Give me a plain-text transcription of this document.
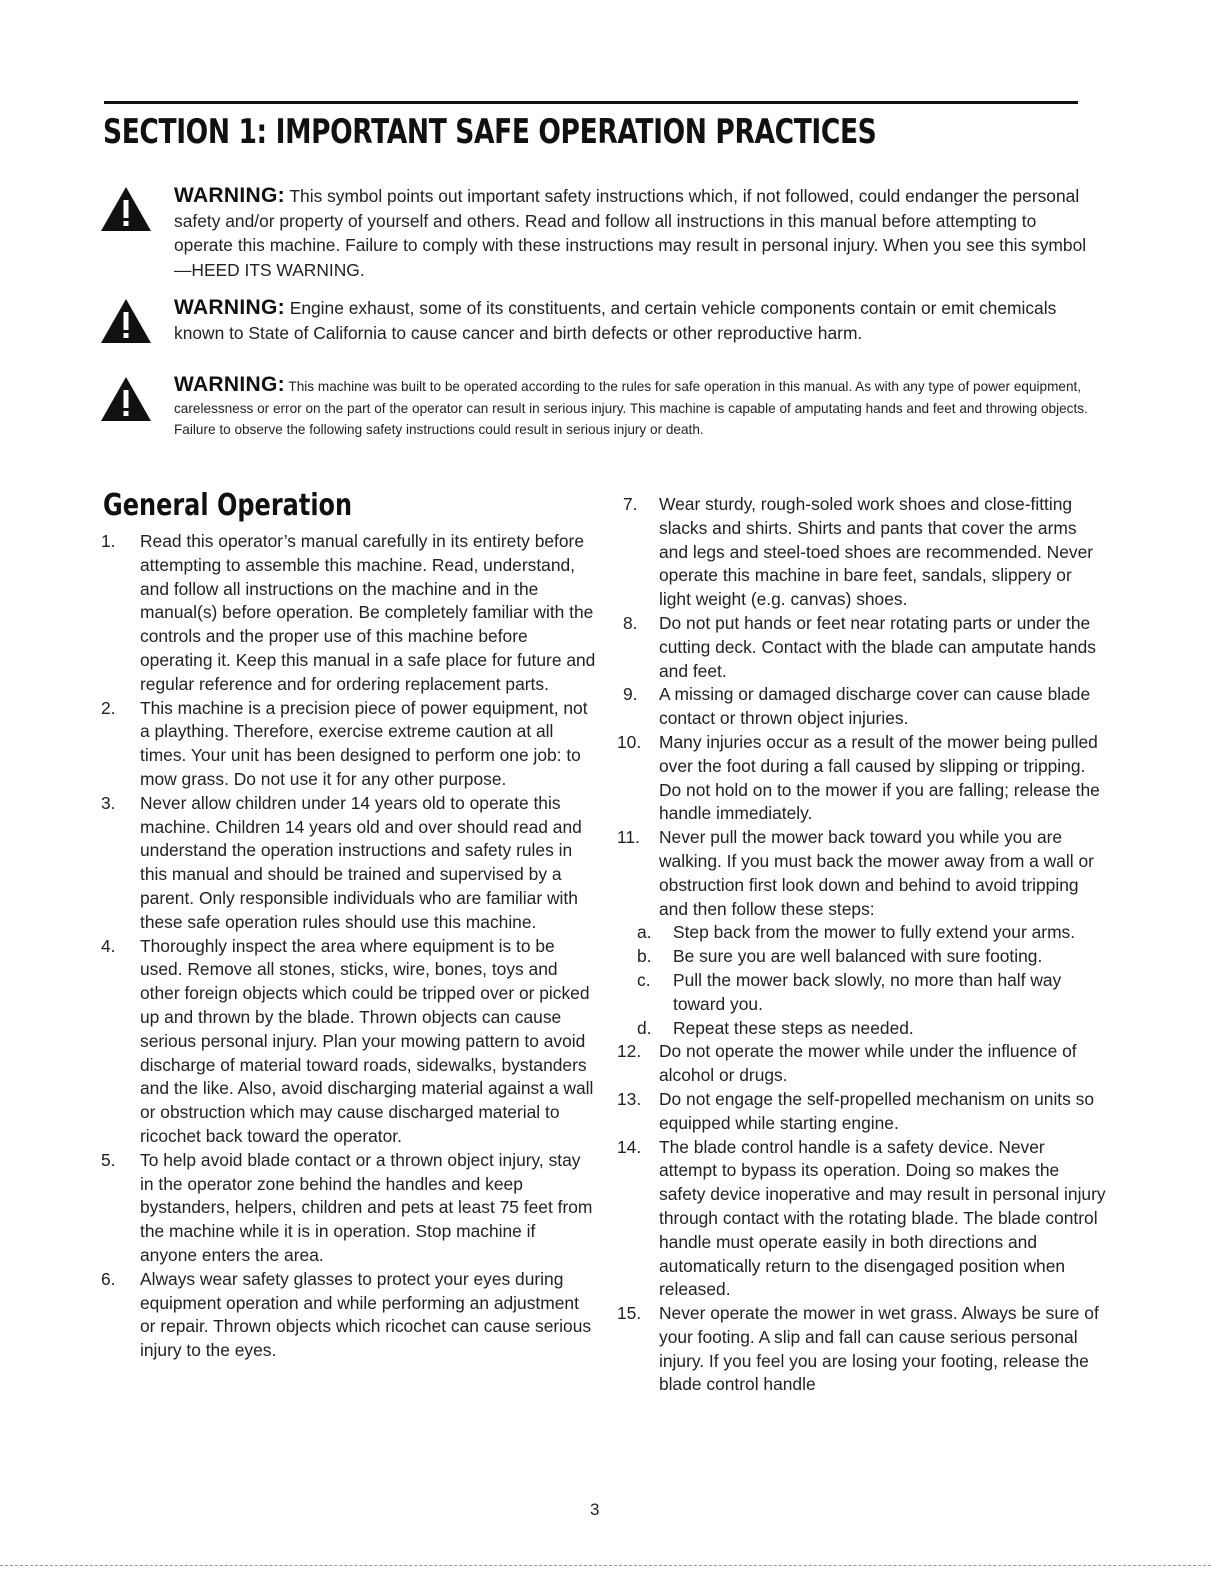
SECTION 1: IMPORTANT SAFE OPERATION PRACTICES
WARNING: This symbol points out important safety instructions which, if not followed, could endanger the personal safety and/or property of yourself and others. Read and follow all instructions in this manual before attempting to operate this machine. Failure to comply with these instructions may result in personal injury. When you see this symbol—HEED ITS WARNING.
WARNING: Engine exhaust, some of its constituents, and certain vehicle components contain or emit chemicals known to State of California to cause cancer and birth defects or other reproductive harm.
WARNING: This machine was built to be operated according to the rules for safe operation in this manual. As with any type of power equipment, carelessness or error on the part of the operator can result in serious injury. This machine is capable of amputating hands and feet and throwing objects. Failure to observe the following safety instructions could result in serious injury or death.
General Operation

1. Read this operator’s manual carefully in its entirety before attempting to assemble this machine. Read, understand, and follow all instructions on the machine and in the manual(s) before operation. Be completely familiar with the controls and the proper use of this machine before operating it. Keep this manual in a safe place for future and regular reference and for ordering replacement parts.

2. This machine is a precision piece of power equipment, not a plaything. Therefore, exercise extreme caution at all times. Your unit has been designed to perform one job: to mow grass. Do not use it for any other purpose.

3. Never allow children under 14 years old to operate this machine. Children 14 years old and over should read and understand the operation instructions and safety rules in this manual and should be trained and supervised by a parent. Only responsible individuals who are familiar with these safe operation rules should use this machine.

4. Thoroughly inspect the area where equipment is to be used. Remove all stones, sticks, wire, bones, toys and other foreign objects which could be tripped over or picked up and thrown by the blade. Thrown objects can cause serious personal injury. Plan your mowing pattern to avoid discharge of material toward roads, sidewalks, bystanders and the like. Also, avoid discharging material against a wall or obstruction which may cause discharged material to ricochet back toward the operator.

5. To help avoid blade contact or a thrown object injury, stay in the operator zone behind the handles and keep bystanders, helpers, children and pets at least 75 feet from the machine while it is in operation. Stop machine if anyone enters the area.

6. Always wear safety glasses to protect your eyes during equipment operation and while performing an adjustment or repair. Thrown objects which ricochet can cause serious injury to the eyes.

7. Wear sturdy, rough-soled work shoes and close-fitting slacks and shirts. Shirts and pants that cover the arms and legs and steel-toed shoes are recommended. Never operate this machine in bare feet, sandals, slippery or light weight (e.g. canvas) shoes.

8. Do not put hands or feet near rotating parts or under the cutting deck. Contact with the blade can amputate hands and feet.

9. A missing or damaged discharge cover can cause blade contact or thrown object injuries.

10. Many injuries occur as a result of the mower being pulled over the foot during a fall caused by slipping or tripping. Do not hold on to the mower if you are falling; release the handle immediately.

11. Never pull the mower back toward you while you are walking. If you must back the mower away from a wall or obstruction first look down and behind to avoid tripping and then follow these steps:

a. Step back from the mower to fully extend your arms.

b. Be sure you are well balanced with sure footing.

c. Pull the mower back slowly, no more than half way toward you.

d. Repeat these steps as needed.

12. Do not operate the mower while under the influence of alcohol or drugs.

13. Do not engage the self-propelled mechanism on units so equipped while starting engine.

14. The blade control handle is a safety device. Never attempt to bypass its operation. Doing so makes the safety device inoperative and may result in personal injury through contact with the rotating blade. The blade control handle must operate easily in both directions and automatically return to the disengaged position when released.

15. Never operate the mower in wet grass. Always be sure of your footing. A slip and fall can cause serious personal injury. If you feel you are losing your footing, release the blade control handle

3
